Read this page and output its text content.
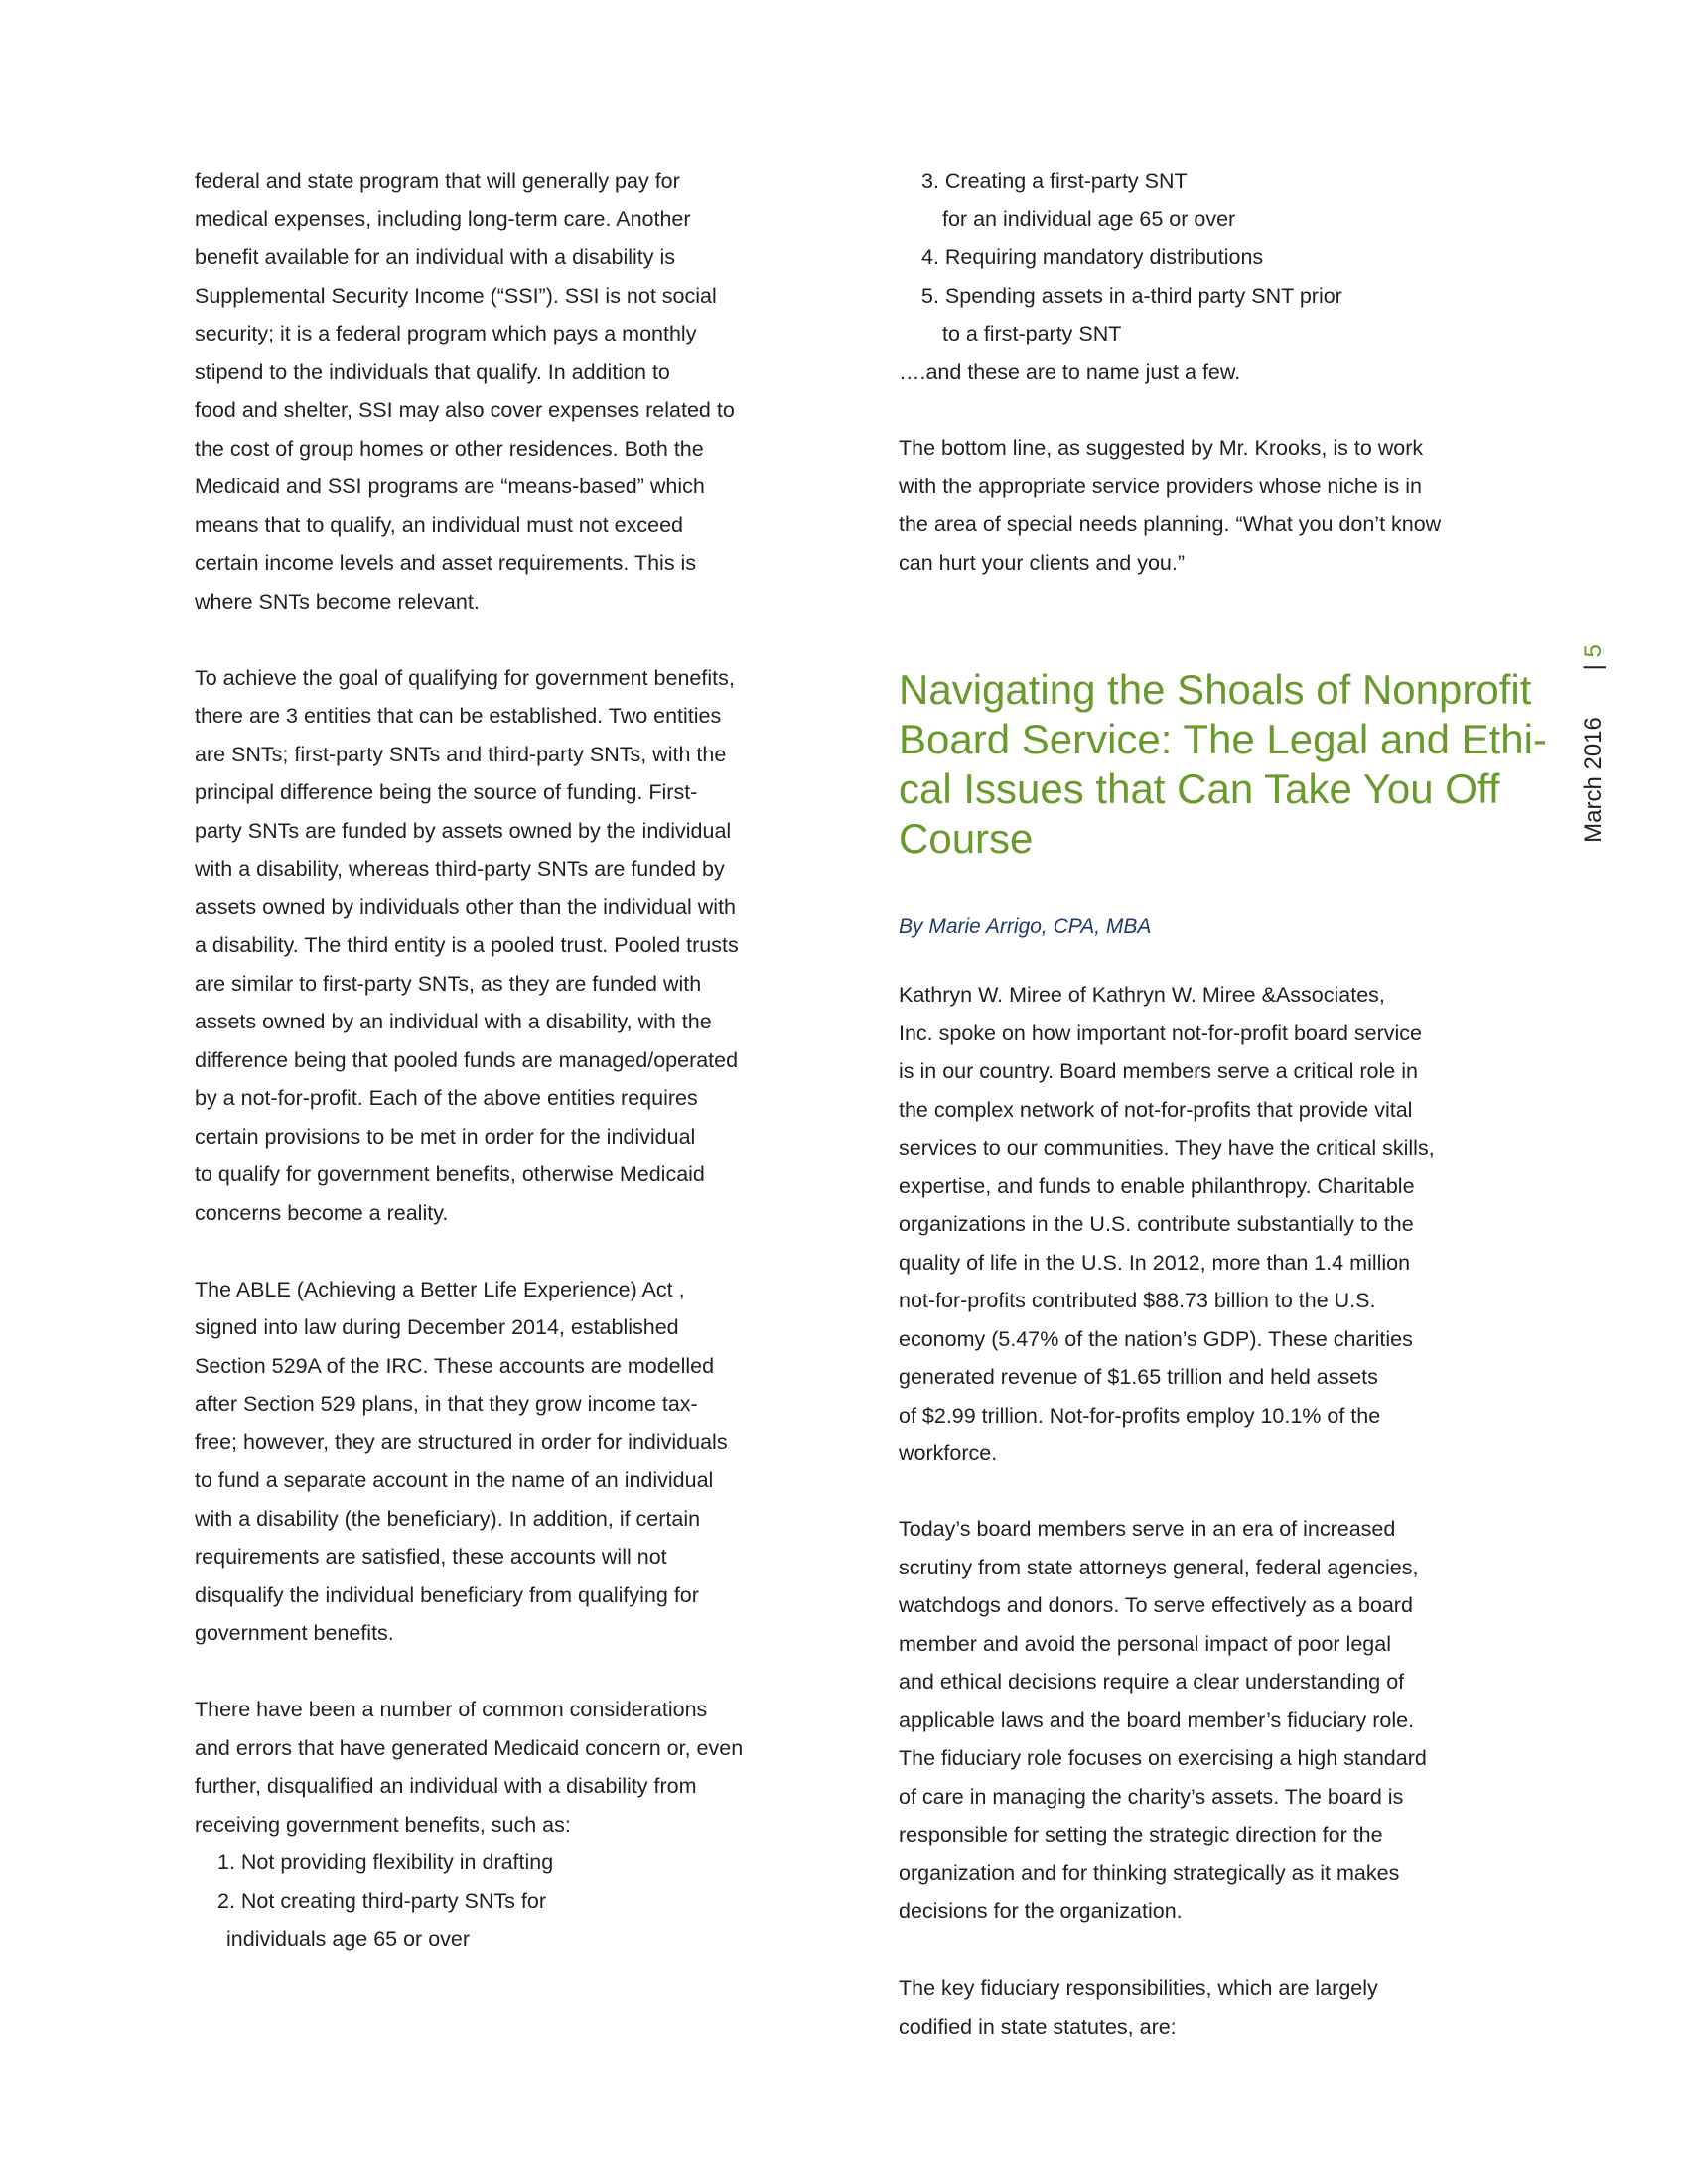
federal and state program that will generally pay for
medical expenses, including long-term care. Another
benefit available for an individual with a disability is
Supplemental Security Income (“SSI”). SSI is not social
security; it is a federal program which pays a monthly
stipend to the individuals that qualify. In addition to
food and shelter, SSI may also cover expenses related to
the cost of group homes or other residences. Both the
Medicaid and SSI programs are “means-based” which
means that to qualify, an individual must not exceed
certain income levels and asset requirements. This is
where SNTs become relevant.
To achieve the goal of qualifying for government benefits,
there are 3 entities that can be established. Two entities
are SNTs; first-party SNTs and third-party SNTs, with the
principal difference being the source of funding. First-
party SNTs are funded by assets owned by the individual
with a disability, whereas third-party SNTs are funded by
assets owned by individuals other than the individual with
a disability. The third entity is a pooled trust. Pooled trusts
are similar to first-party SNTs, as they are funded with
assets owned by an individual with a disability, with the
difference being that pooled funds are managed/operated
by a not-for-profit. Each of the above entities requires
certain provisions to be met in order for the individual
to qualify for government benefits, otherwise Medicaid
concerns become a reality.
The ABLE (Achieving a Better Life Experience) Act ,
signed into law during December 2014, established
Section 529A of the IRC. These accounts are modelled
after Section 529 plans, in that they grow income tax-
free; however, they are structured in order for individuals
to fund a separate account in the name of an individual
with a disability (the beneficiary). In addition, if certain
requirements are satisfied, these accounts will not
disqualify the individual beneficiary from qualifying for
government benefits.
There have been a number of common considerations
and errors that have generated Medicaid concern or, even
further, disqualified an individual with a disability from
receiving government benefits, such as:
1. Not providing flexibility in drafting
2. Not creating third-party SNTs for
individuals age 65 or over
3. Creating a first-party SNT
for an individual age 65 or over
4. Requiring mandatory distributions
5. Spending assets in a-third party SNT prior
to a first-party SNT
….and these are to name just a few.
The bottom line, as suggested by Mr. Krooks, is to work
with the appropriate service providers whose niche is in
the area of special needs planning. “What you don’t know
can hurt your clients and you.”
Navigating the Shoals of Nonprofit
Board Service: The Legal and Ethi-
cal Issues that Can Take You Off
Course
By Marie Arrigo, CPA, MBA
Kathryn W. Miree of Kathryn W. Miree &Associates,
Inc. spoke on how important not-for-profit board service
is in our country. Board members serve a critical role in
the complex network of not-for-profits that provide vital
services to our communities. They have the critical skills,
expertise, and funds to enable philanthropy. Charitable
organizations in the U.S. contribute substantially to the
quality of life in the U.S. In 2012, more than 1.4 million
not-for-profits contributed $88.73 billion to the U.S.
economy (5.47% of the nation’s GDP). These charities
generated revenue of $1.65 trillion and held assets
of $2.99 trillion. Not-for-profits employ 10.1% of the
workforce.
Today’s board members serve in an era of increased
scrutiny from state attorneys general, federal agencies,
watchdogs and donors. To serve effectively as a board
member and avoid the personal impact of poor legal
and ethical decisions require a clear understanding of
applicable laws and the board member’s fiduciary role.
The fiduciary role focuses on exercising a high standard
of care in managing the charity’s assets. The board is
responsible for setting the strategic direction for the
organization and for thinking strategically as it makes
decisions for the organization.
The key fiduciary responsibilities, which are largely
codified in state statutes, are:
March 2016       | 5
